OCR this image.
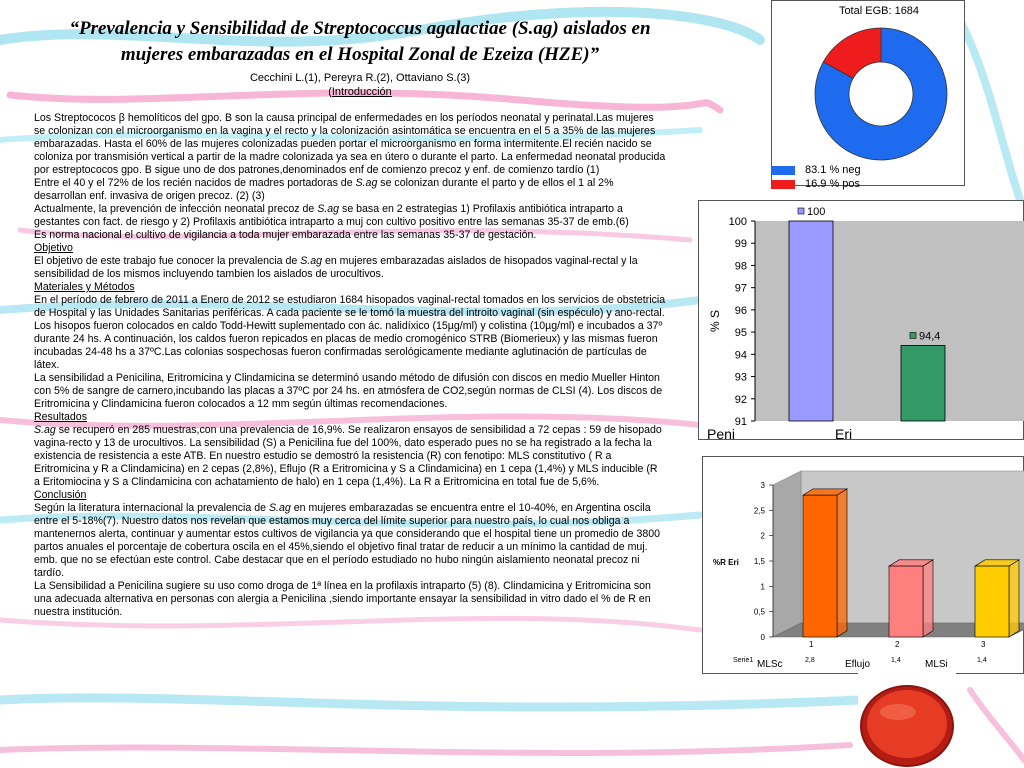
“Prevalencia y Sensibilidad de Streptococcus agalactiae (S.ag) aislados en
mujeres embarazadas en el Hospital Zonal de Ezeiza (HZE)”
Cecchini L.(1), Pereyra R.(2), Ottaviano S.(3)
(Introducción

Los Streptococos β hemolíticos del gpo. B son la causa principal de enfermedades en los períodos neonatal y perinatal.Las mujeres se colonizan con el microorganismo en la vagina y el recto y la colonización asintomática se encuentra en el 5 a 35% de las mujeres embarazadas. Hasta el 60% de las mujeres colonizadas pueden portar el microorganismo en forma intermitente.El recién nacido se coloniza por transmisión vertical a partir de la madre colonizada ya sea en útero o durante el parto. La enfermedad neonatal producida por estreptococos gpo. B sigue uno de dos patrones,denominados enf de comienzo precoz y enf. de comienzo tardío (1)

Entre el 40 y el 72% de los recién nacidos de madres portadoras de S.ag se colonizan durante el parto y de ellos el 1 al 2% desarrollan enf. invasiva de origen precoz. (2) (3)

Actualmente, la prevención de infección neonatal precoz de S.ag se basa en 2 estrategias 1) Profilaxis antibiótica intraparto a gestantes con fact. de riesgo y 2) Profilaxis antibiótica intraparto a muj con cultivo positivo entre las semanas 35-37 de emb.(6)

Es norma nacional el cultivo de vigilancia a toda mujer embarazada entre las semanas 35-37 de gestación.

Objetivo

El objetivo de este trabajo fue conocer la prevalencia de S.ag en mujeres embarazadas aislados de hisopados vaginal-rectal y la sensibilidad de los mismos incluyendo tambien los aislados de urocultivos.

Materiales y Métodos

En el período de febrero de 2011 a Enero de 2012 se estudiaron 1684 hisopados vaginal-rectal tomados en los servicios de obstetricia de Hospital y las Unidades Sanitarias periféricas. A cada paciente se le tomó la muestra del introito vaginal (sin espéculo) y ano-rectal. Los hisopos fueron colocados en caldo Todd-Hewitt suplementado con ác. nalidíxico (15µg/ml) y colistina (10µg/ml) e incubados a 37º durante 24 hs. A continuación, los caldos fueron repicados en placas de medio cromogénico STRB (Biomerieux) y las mismas fueron incubadas 24-48 hs a 37ºC.Las colonias sospechosas fueron confirmadas serológicamente mediante aglutinación de partículas de látex.

La sensibilidad a Penicilina, Eritromicina y Clindamicina se determinó usando método de difusión con discos en medio Mueller Hinton con 5% de sangre de carnero,incubando las placas a 37ºC por 24 hs. en atmósfera de CO2,según normas de CLSI (4). Los discos de Eritromicina y Clindamicina fueron colocados a 12 mm según últimas recomendaciones.

Resultados

S.ag se recuperó en 285 muestras,con una prevalencia de 16,9%. Se realizaron ensayos de sensibilidad a 72 cepas : 59 de hisopado vagina-recto y 13 de urocultivos. La sensibilidad (S) a Penicilina fue del 100%, dato esperado pues no se ha registrado a la fecha la existencia de resistencia a este ATB. En nuestro estudio se demostró la resistencia (R) con fenotipo: MLS constitutivo ( R a Eritromicina y R a Clindamicina) en 2 cepas (2,8%), Eflujo (R a Eritromicina y S a Clindamicina) en 1 cepa (1,4%) y MLS inducible (R a Eritomiocina y S a Clindamicina con achatamiento de halo) en 1 cepa (1,4%). La R a Eritromicina en total fue de 5,6%.

Conclusión

Según la literatura internacional la prevalencia de S.ag en mujeres embarazadas se encuentra entre el 10-40%, en Argentina oscila entre el 5-18%(7). Nuestro datos nos revelan que estamos muy cerca del límite superior para nuestro país, lo cual nos obliga a mantenernos alerta, continuar y aumentar estos cultivos de vigilancia ya que considerando que el hospital tiene un promedio de 3800 partos anuales el porcentaje de cobertura oscila en el 45%,siendo el objetivo final tratar de reducir a un mínimo la cantidad de muj. emb. que no se efectúan este control. Cabe destacar que en el período estudiado no hubo ningún aislamiento neonatal precoz ni tardío.

La Sensibilidad a Penicilina sugiere su uso como droga de 1ª línea en la profilaxis intraparto (5) (8). Clindamicina y Eritromicina son una adecuada alternativa en personas con alergia a Penicilina ,siendo importante ensayar la sensibilidad in vitro dado el % de R en nuestra institución.

Total EGB: 1684
83.1 % neg
16.9 % pos
91
92
93
94
95
96
97
98
99
100
% S
100
Peni
94,4
Eri
0
0,5
1
1,5
2
2,5
3
%R Eri
1
2,8
MLSc
2
1,4
Eflujo
3
1,4
MLSi
Serie1
